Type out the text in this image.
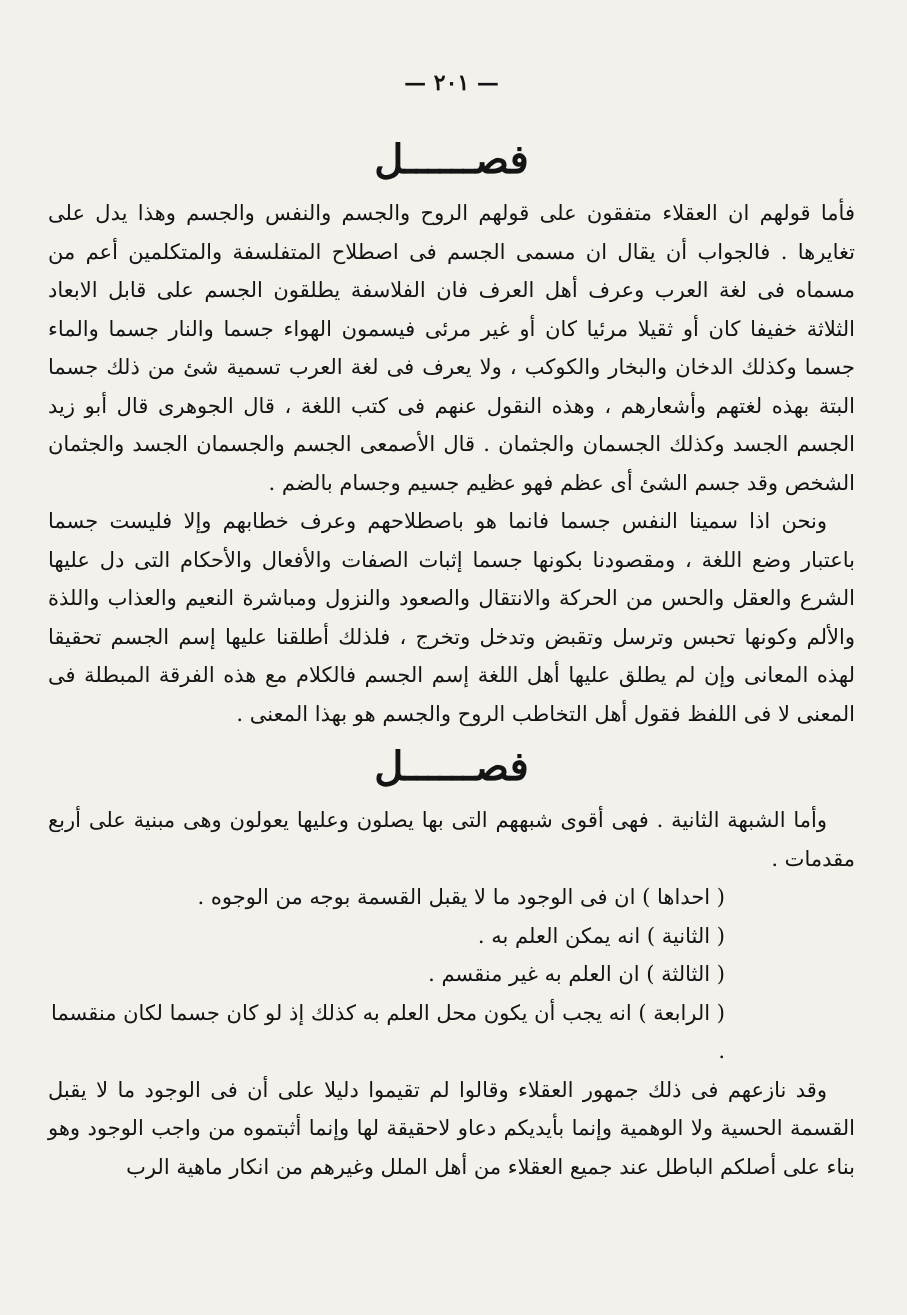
— ٢٠١ —
فصــــــل

فأما قولهم ان العقلاء متفقون على قولهم الروح والجسم والنفس والجسم وهذا يدل على تغايرها . فالجواب أن يقال ان مسمى الجسم فى اصطلاح المتفلسفة والمتكلمين أعم من مسماه فى لغة العرب وعرف أهل العرف فان الفلاسفة يطلقون الجسم على قابل الابعاد الثلاثة خفيفا كان أو ثقيلا مرئيا كان أو غير مرئى فيسمون الهواء جسما والنار جسما والماء جسما وكذلك الدخان والبخار والكوكب ، ولا يعرف فى لغة العرب تسمية شئ من ذلك جسما البتة بهذه لغتهم وأشعارهم ، وهذه النقول عنهم فى كتب اللغة ، قال الجوهرى قال أبو زيد الجسم الجسد وكذلك الجسمان والجثمان . قال الأصمعى الجسم والجسمان الجسد والجثمان الشخص وقد جسم الشئ أى عظم فهو عظيم جسيم وجسام بالضم .

ونحن اذا سمينا النفس جسما فانما هو باصطلاحهم وعرف خطابهم وإلا فليست جسما باعتبار وضع اللغة ، ومقصودنا بكونها جسما إثبات الصفات والأفعال والأحكام التى دل عليها الشرع والعقل والحس من الحركة والانتقال والصعود والنزول ومباشرة النعيم والعذاب واللذة والألم وكونها تحبس وترسل وتقبض وتدخل وتخرج ، فلذلك أطلقنا عليها إسم الجسم تحقيقا لهذه المعانى وإن لم يطلق عليها أهل اللغة إسم الجسم فالكلام مع هذه الفرقة المبطلة فى المعنى لا فى اللفظ فقول أهل التخاطب الروح والجسم هو بهذا المعنى .

فصــــــل

وأما الشبهة الثانية . فهى أقوى شبههم التى بها يصلون وعليها يعولون وهى مبنية على أربع مقدمات .

( احداها ) ان فى الوجود ما لا يقبل القسمة بوجه من الوجوه .
( الثانية ) انه يمكن العلم به .
( الثالثة ) ان العلم به غير منقسم .
( الرابعة ) انه يجب أن يكون محل العلم به كذلك إذ لو كان جسما لكان منقسما .

وقد نازعهم فى ذلك جمهور العقلاء وقالوا لم تقيموا دليلا على أن فى الوجود ما لا يقبل القسمة الحسية ولا الوهمية وإنما بأيديكم دعاو لاحقيقة لها وإنما أثبتموه من واجب الوجود وهو بناء على أصلكم الباطل عند جميع العقلاء من أهل الملل وغيرهم من انكار ماهية الرب
